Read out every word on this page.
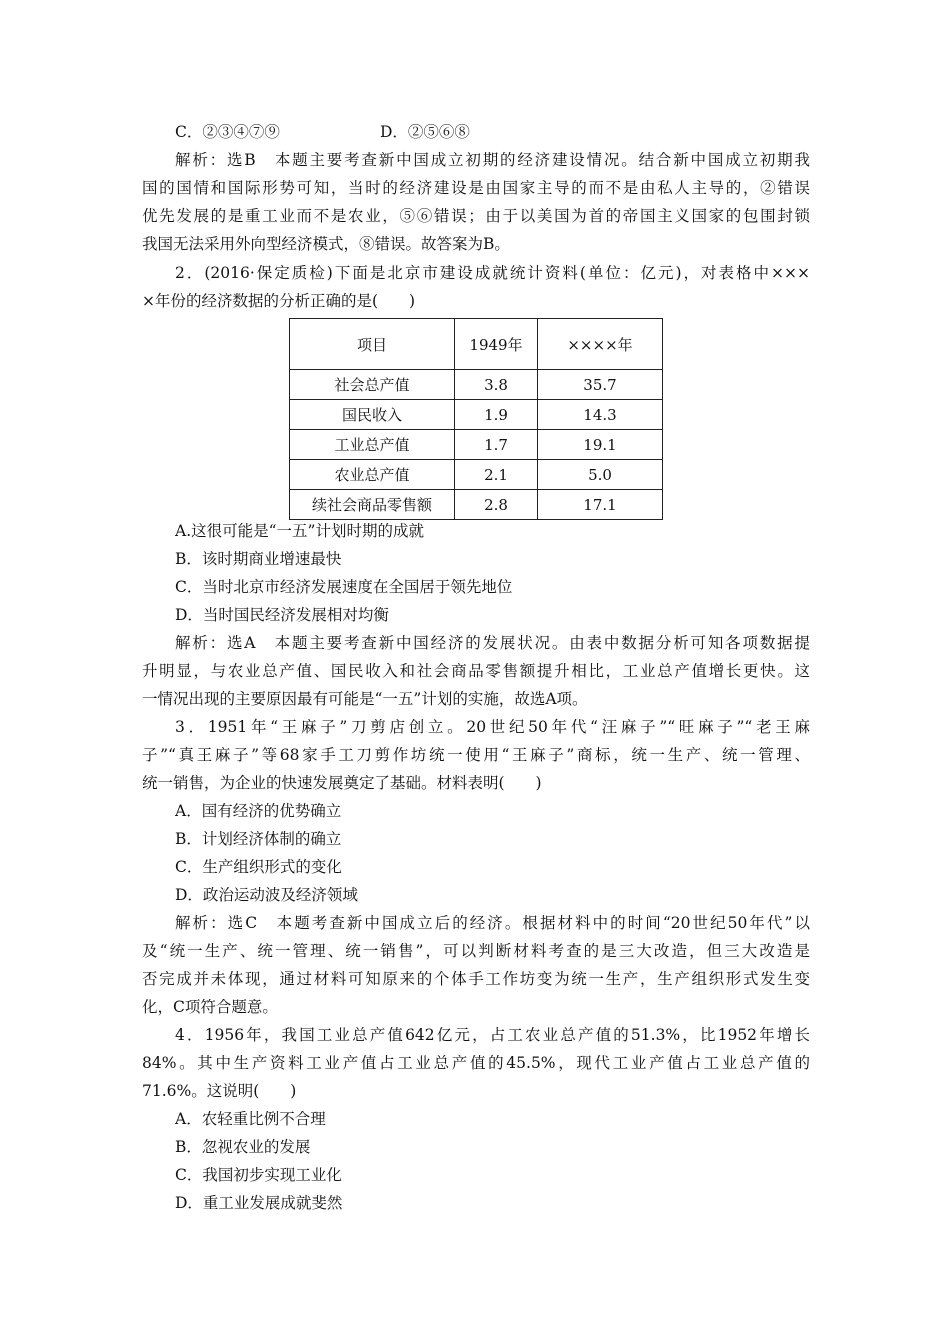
C．②③④⑦⑨	D．②⑤⑥⑧
解析：选B　本题主要考查新中国成立初期的经济建设情况。结合新中国成立初期我
国的国情和国际形势可知，当时的经济建设是由国家主导的而不是由私人主导的，②错误
优先发展的是重工业而不是农业，⑤⑥错误；由于以美国为首的帝国主义国家的包围封锁
我国无法采用外向型经济模式，⑧错误。故答案为B。
2．(2016·保定质检)下面是北京市建设成就统计资料(单位：亿元)，对表格中×××
×年份的经济数据的分析正确的是(　　)
项目	1949年	××××年
社会总产值	3.8	35.7
国民收入	1.9	14.3
工业总产值	1.7	19.1
农业总产值	2.1	5.0
续社会商品零售额	2.8	17.1
A.这很可能是“一五”计划时期的成就
B．该时期商业增速最快
C．当时北京市经济发展速度在全国居于领先地位
D．当时国民经济发展相对均衡
解析：选A　本题主要考查新中国经济的发展状况。由表中数据分析可知各项数据提
升明显，与农业总产值、国民收入和社会商品零售额提升相比，工业总产值增长更快。这
一情况出现的主要原因最有可能是“一五”计划的实施，故选A项。
3．1951年“王麻子”刀剪店创立。20世纪50年代“汪麻子”“旺麻子”“老王麻
子”“真王麻子”等68家手工刀剪作坊统一使用“王麻子”商标，统一生产、统一管理、
统一销售，为企业的快速发展奠定了基础。材料表明(　　)
A．国有经济的优势确立
B．计划经济体制的确立
C．生产组织形式的变化
D．政治运动波及经济领域
解析：选C　本题考查新中国成立后的经济。根据材料中的时间“20世纪50年代”以
及“统一生产、统一管理、统一销售”，可以判断材料考查的是三大改造，但三大改造是
否完成并未体现，通过材料可知原来的个体手工作坊变为统一生产，生产组织形式发生变
化，C项符合题意。
4．1956年，我国工业总产值642亿元，占工农业总产值的51.3%，比1952年增长
84%。其中生产资料工业产值占工业总产值的45.5%，现代工业产值占工业总产值的
71.6%。这说明(　　)
A．农轻重比例不合理
B．忽视农业的发展
C．我国初步实现工业化
D．重工业发展成就斐然
